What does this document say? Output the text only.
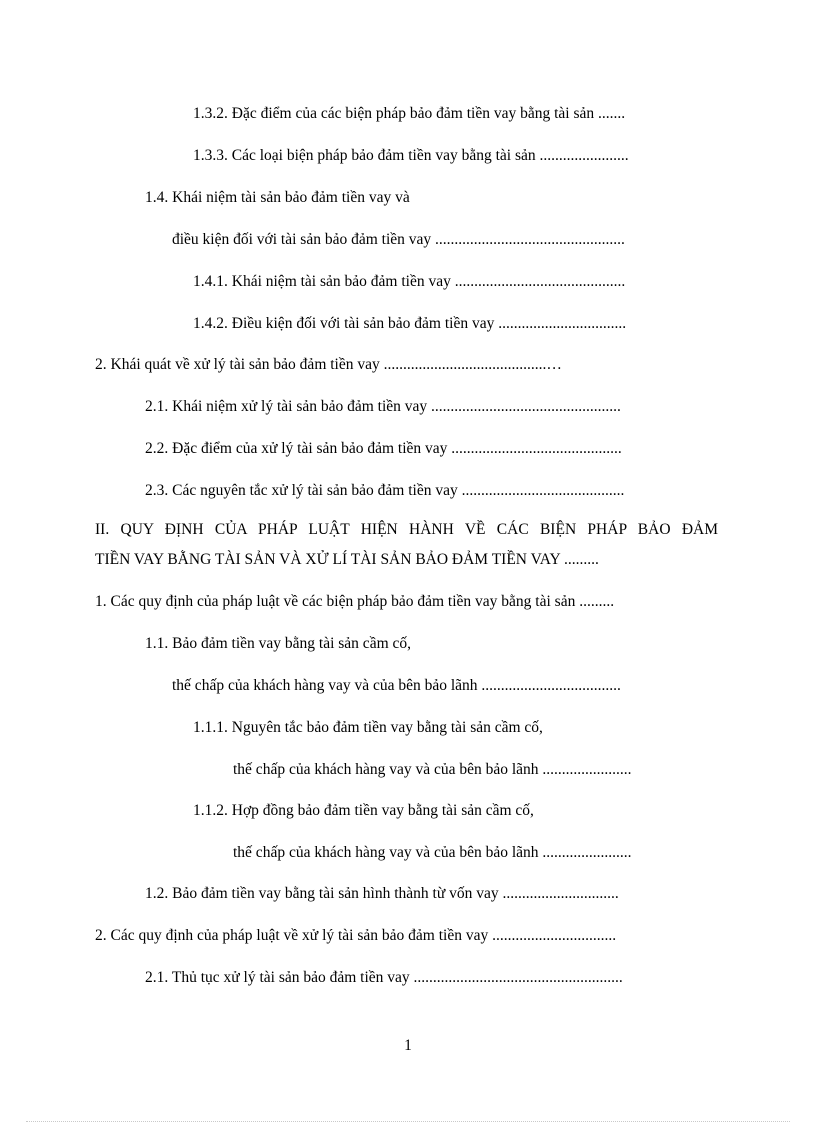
1.3.2. Đặc điểm của các biện pháp bảo đảm tiền vay bằng tài sản .......
1.3.3. Các loại biện pháp bảo đảm tiền vay bằng tài sản .......................
1.4. Khái niệm tài sản bảo đảm tiền vay và
điều kiện đối với tài sản bảo đảm tiền vay .................................................
1.4.1. Khái niệm tài sản bảo đảm tiền vay ............................................
1.4.2. Điều kiện đối với tài sản bảo đảm tiền vay .................................
2. Khái quát về xử lý tài sản bảo đảm tiền vay ..........................................…
2.1. Khái niệm xử lý tài sản bảo đảm tiền vay .................................................
2.2. Đặc điểm của xử lý tài sản bảo đảm tiền vay ............................................
2.3. Các nguyên tắc xử lý tài sản bảo đảm tiền vay ..........................................
II. QUY ĐỊNH CỦA PHÁP LUẬT HIỆN HÀNH VỀ CÁC BIỆN PHÁP BẢO ĐẢM
TIỀN VAY BẰNG TÀI SẢN VÀ XỬ LÍ TÀI SẢN BẢO ĐẢM TIỀN VAY .........
1. Các quy định của pháp luật về các biện pháp bảo đảm tiền vay bằng tài sản .........
1.1. Bảo đảm tiền vay bằng tài sản cầm cố,
thế chấp của khách hàng vay và của bên bảo lãnh ....................................
1.1.1. Nguyên tắc bảo đảm tiền vay bằng tài sản cầm cố,
thế chấp của khách hàng vay và của bên bảo lãnh .......................
1.1.2. Hợp đồng bảo đảm tiền vay bằng tài sản cầm cố,
thế chấp của khách hàng vay và của bên bảo lãnh .......................
1.2. Bảo đảm tiền vay bằng tài sản hình thành từ vốn vay ..............................
2. Các quy định của pháp luật về xử lý tài sản bảo đảm tiền vay ................................
2.1. Thủ tục xử lý tài sản bảo đảm tiền vay ......................................................
1
